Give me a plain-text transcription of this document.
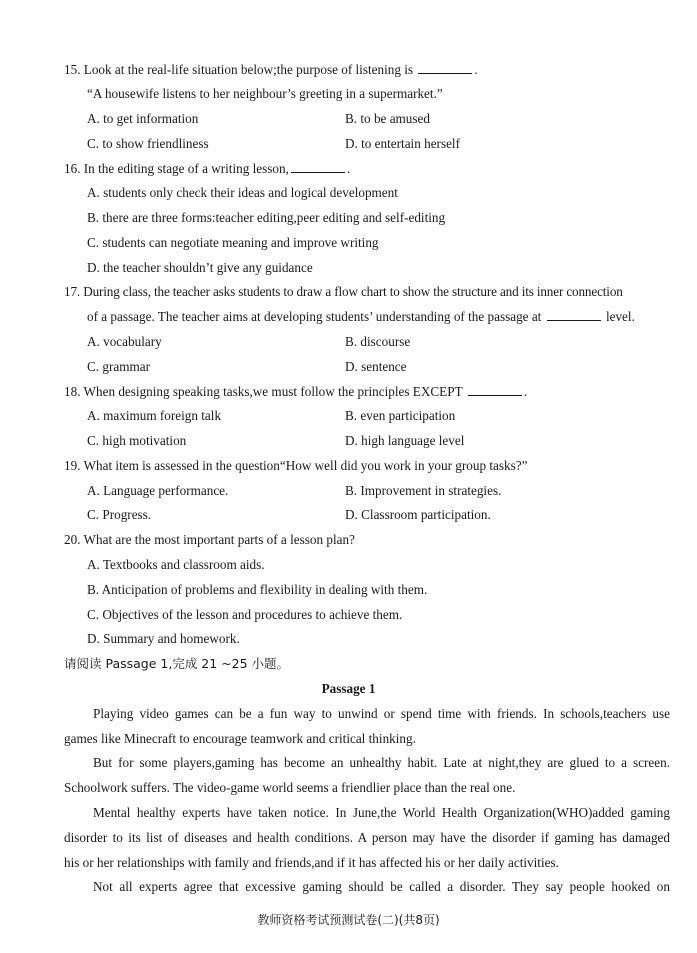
15. Look at the real-life situation below;the purpose of listening is	.
“A housewife listens to her neighbour’s greeting in a supermarket.”
A. to get information	B. to be amused
C. to show friendliness	D. to entertain herself
16. In the editing stage of a writing lesson,	.
A. students only check their ideas and logical development
B. there are three forms:teacher editing,peer editing and self-editing
C. students can negotiate meaning and improve writing
D. the teacher shouldn’t give any guidance
17. During class, the teacher asks students to draw a flow chart to show the structure and its inner connection
of a passage. The teacher aims at developing students’ understanding of the passage at	level.
A. vocabulary	B. discourse
C. grammar	D. sentence
18. When designing speaking tasks,we must follow the principles EXCEPT	.
A. maximum foreign talk	B. even participation
C. high motivation	D. high language level
19. What item is assessed in the question“How well did you work in your group tasks?”
A. Language performance.	B. Improvement in strategies.
C. Progress.	D. Classroom participation.
20. What are the most important parts of a lesson plan?
A. Textbooks and classroom aids.
B. Anticipation of problems and flexibility in dealing with them.
C. Objectives of the lesson and procedures to achieve them.
D. Summary and homework.
请阅读 Passage 1,完成 21 ~25 小题。
Passage 1
Playing video games can be a fun way to unwind or spend time with friends. In schools,teachers use
games like Minecraft to encourage teamwork and critical thinking.
But for some players,gaming has become an unhealthy habit. Late at night,they are glued to a screen.
Schoolwork suffers. The video-game world seems a friendlier place than the real one.
Mental healthy experts have taken notice. In June,the World Health Organization(WHO)added gaming
disorder to its list of diseases and health conditions. A person may have the disorder if gaming has damaged
his or her relationships with family and friends,and if it has affected his or her daily activities.
Not all experts agree that excessive gaming should be called a disorder. They say people hooked on
教师资格考试预测试卷(二)(共8页)
